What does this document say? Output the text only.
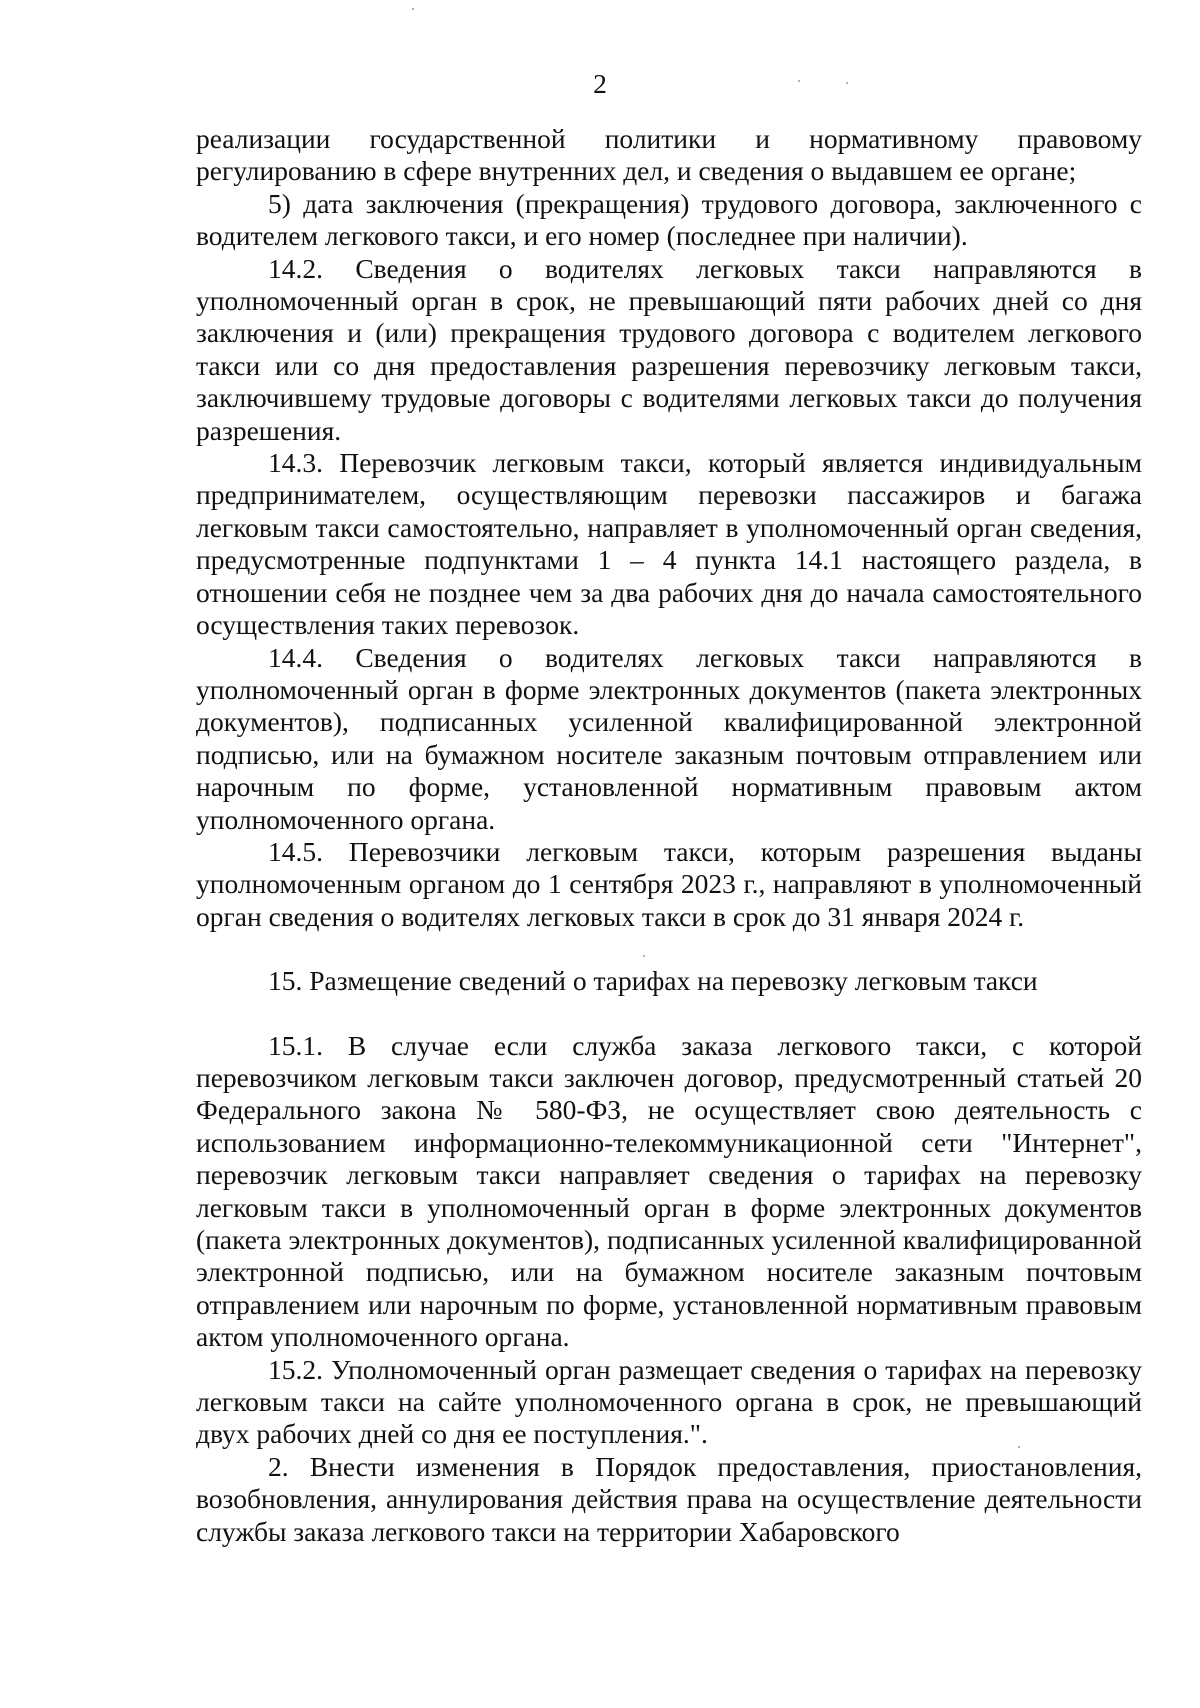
2

реализации государственной политики и нормативному правовому регулированию в сфере внутренних дел, и сведения о выдавшем ее органе;

5) дата заключения (прекращения) трудового договора, заключенного с водителем легкового такси, и его номер (последнее при наличии).

14.2. Сведения о водителях легковых такси направляются в уполномоченный орган в срок, не превышающий пяти рабочих дней со дня заключения и (или) прекращения трудового договора с водителем легкового такси или со дня предоставления разрешения перевозчику легковым такси, заключившему трудовые договоры с водителями легковых такси до получения разрешения.

14.3. Перевозчик легковым такси, который является индивидуальным предпринимателем, осуществляющим перевозки пассажиров и багажа легковым такси самостоятельно, направляет в уполномоченный орган сведения, предусмотренные подпунктами 1 – 4 пункта 14.1 настоящего раздела, в отношении себя не позднее чем за два рабочих дня до начала самостоятельного осуществления таких перевозок.

14.4. Сведения о водителях легковых такси направляются в уполномоченный орган в форме электронных документов (пакета электронных документов), подписанных усиленной квалифицированной электронной подписью, или на бумажном носителе заказным почтовым отправлением или нарочным по форме, установленной нормативным правовым актом уполномоченного органа.

14.5. Перевозчики легковым такси, которым разрешения выданы уполномоченным органом до 1 сентября 2023 г., направляют в уполномоченный орган сведения о водителях легковых такси в срок до 31 января 2024 г.

15. Размещение сведений о тарифах на перевозку легковым такси

15.1. В случае если служба заказа легкового такси, с которой перевозчиком легковым такси заключен договор, предусмотренный статьей 20 Федерального закона № 580-ФЗ, не осуществляет свою деятельность с использованием информационно-телекоммуникационной сети "Интернет", перевозчик легковым такси направляет сведения о тарифах на перевозку легковым такси в уполномоченный орган в форме электронных документов (пакета электронных документов), подписанных усиленной квалифицированной электронной подписью, или на бумажном носителе заказным почтовым отправлением или нарочным по форме, установленной нормативным правовым актом уполномоченного органа.

15.2. Уполномоченный орган размещает сведения о тарифах на перевозку легковым такси на сайте уполномоченного органа в срок, не превышающий двух рабочих дней со дня ее поступления.".

2. Внести изменения в Порядок предоставления, приостановления, возобновления, аннулирования действия права на осуществление деятельности службы заказа легкового такси на территории Хабаровского
